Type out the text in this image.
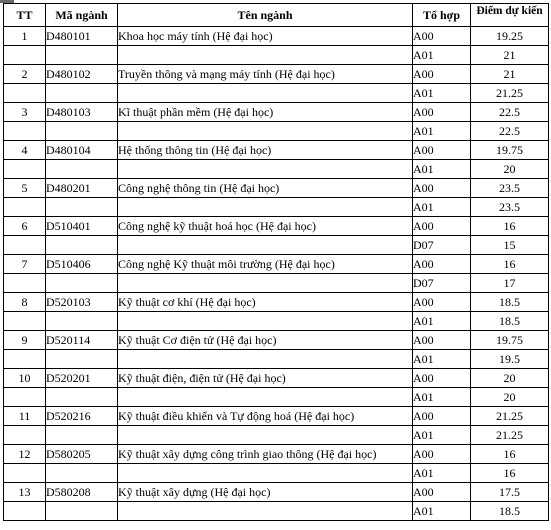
TT	Mã ngành	Tên ngành	Tổ hợp	Điểm dự kiến
1	D480101	Khoa học máy tính (Hệ đại học)	A00	19.25
			A01	21
2	D480102	Truyền thông và mạng máy tính (Hệ đại học)	A00	21
			A01	21.25
3	D480103	Kĩ thuật phần mềm (Hệ đại học)	A00	22.5
			A01	22.5
4	D480104	Hệ thống thông tin (Hệ đại học)	A00	19.75
			A01	20
5	D480201	Công nghệ thông tin (Hệ đại học)	A00	23.5
			A01	23.5
6	D510401	Công nghệ kỹ thuật hoá học (Hệ đại học)	A00	16
			D07	15
7	D510406	Công nghệ Kỹ thuật môi trường (Hệ đại học)	A00	16
			D07	17
8	D520103	Kỹ thuật cơ khí (Hệ đại học)	A00	18.5
			A01	18.5
9	D520114	Kỹ thuật Cơ điện tử (Hệ đại học)	A00	19.75
			A01	19.5
10	D520201	Kỹ thuật điện, điện tử (Hệ đại học)	A00	20
			A01	20
11	D520216	Kỹ thuật điều khiển và Tự động hoá (Hệ đại học)	A00	21.25
			A01	21.25
12	D580205	Kỹ thuật xây dựng công trình giao thông (Hệ đại học)	A00	16
			A01	16
13	D580208	Kỹ thuật xây dựng (Hệ đại học)	A00	17.5
			A01	18.5
